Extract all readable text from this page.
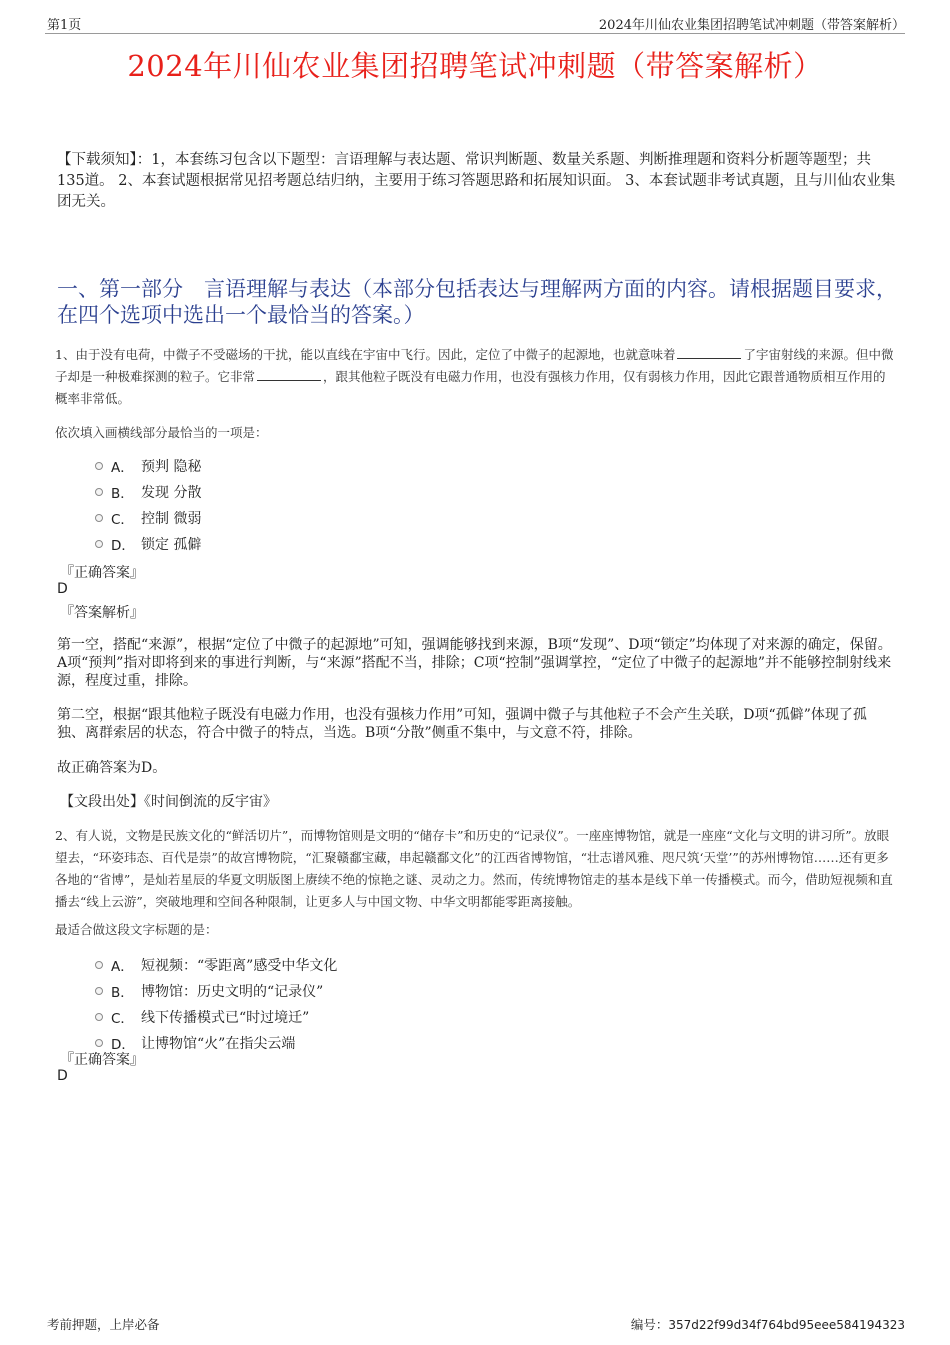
第1页	2024年川仙农业集团招聘笔试冲刺题（带答案解析）
2024年川仙农业集团招聘笔试冲刺题（带答案解析）
【下载须知】：1，本套练习包含以下题型：言语理解与表达题、常识判断题、数量关系题、判断推理题和资料分析题等题型；共135道。 2、本套试题根据常见招考题总结归纳，主要用于练习答题思路和拓展知识面。 3、本套试题非考试真题，且与川仙农业集团无关。
一、第一部分　言语理解与表达（本部分包括表达与理解两方面的内容。请根据题目要求，在四个选项中选出一个最恰当的答案。）
1、由于没有电荷，中微子不受磁场的干扰，能以直线在宇宙中飞行。因此，定位了中微子的起源地，也就意味着	了宇宙射线的来源。但中微子却是一种极难探测的粒子。它非常	，跟其他粒子既没有电磁力作用，也没有强核力作用，仅有弱核力作用，因此它跟普通物质相互作用的概率非常低。
依次填入画横线部分最恰当的一项是：
A． 预判 隐秘
B． 发现 分散
C． 控制 微弱
D． 锁定 孤僻
『正确答案』
D
『答案解析』
第一空，搭配“来源”，根据“定位了中微子的起源地”可知，强调能够找到来源，B项“发现”、D项“锁定”均体现了对来源的确定，保留。A项“预判”指对即将到来的事进行判断，与“来源”搭配不当，排除；C项“控制”强调掌控，“定位了中微子的起源地”并不能够控制射线来源，程度过重，排除。
第二空，根据“跟其他粒子既没有电磁力作用，也没有强核力作用”可知，强调中微子与其他粒子不会产生关联，D项“孤僻”体现了孤独、离群索居的状态，符合中微子的特点，当选。B项“分散”侧重不集中，与文意不符，排除。
故正确答案为D。
【文段出处】《时间倒流的反宇宙》
2、有人说，文物是民族文化的“鲜活切片”，而博物馆则是文明的“储存卡”和历史的“记录仪”。一座座博物馆，就是一座座“文化与文明的讲习所”。放眼望去，“环姿玮态、百代是崇”的故宫博物院，“汇聚赣鄱宝藏，串起赣鄱文化”的江西省博物馆，“壮志谱风雅、咫尺筑‘天堂’”的苏州博物馆……还有更多各地的“省博”，是灿若星辰的华夏文明版图上赓续不绝的惊艳之谜、灵动之力。然而，传统博物馆走的基本是线下单一传播模式。而今，借助短视频和直播去“线上云游”，突破地理和空间各种限制，让更多人与中国文物、中华文明都能零距离接触。
最适合做这段文字标题的是：
A． 短视频：“零距离”感受中华文化
B． 博物馆：历史文明的“记录仪”
C． 线下传播模式已“时过境迁”
D． 让博物馆“火”在指尖云端
『正确答案』
D
考前押题，上岸必备	编号：357d22f99d34f764bd95eee584194323
